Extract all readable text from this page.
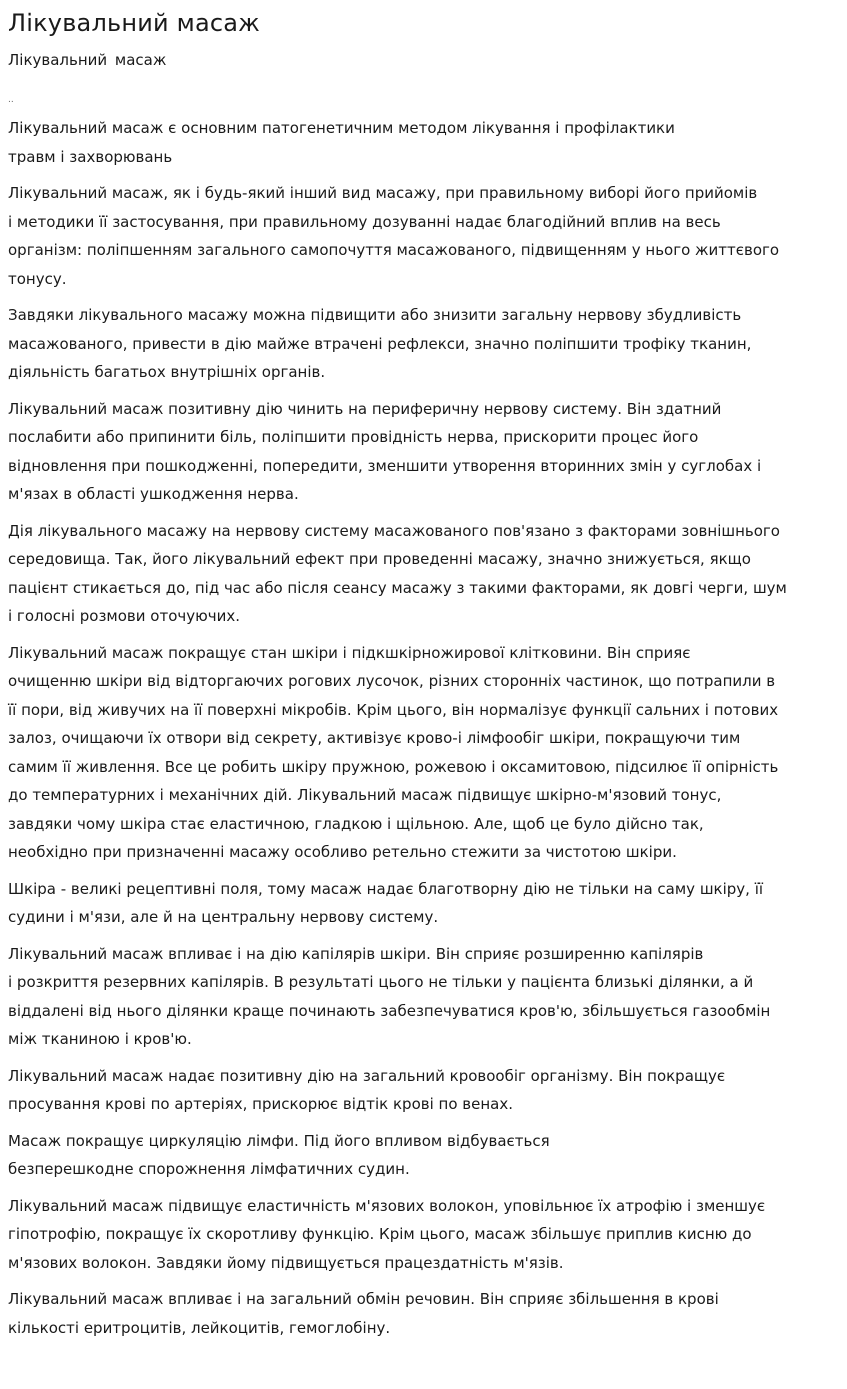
Лікувальний масаж
Лікувальний масаж
..

Лікувальний масаж є основним патогенетичним методом лікування і профілактики
травм і захворювань

Лікувальний масаж, як і будь-який інший вид масажу, при правильному виборі його прийомів
і методики її застосування, при правильному дозуванні надає благодійний вплив на весь
організм: поліпшенням загального самопочуття масажованого, підвищенням у нього життєвого
тонусу.

Завдяки лікувального масажу можна підвищити або знизити загальну нервову збудливість
масажованого, привести в дію майже втрачені рефлекси, значно поліпшити трофіку тканин,
діяльність багатьох внутрішніх органів.

Лікувальний масаж позитивну дію чинить на периферичну нервову систему. Він здатний
послабити або припинити біль, поліпшити провідність нерва, прискорити процес його
відновлення при пошкодженні, попередити, зменшити утворення вторинних змін у суглобах і
м'язах в області ушкодження нерва.

Дія лікувального масажу на нервову систему масажованого пов'язано з факторами зовнішнього
середовища. Так, його лікувальний ефект при проведенні масажу, значно знижується, якщо
пацієнт стикається до, під час або після сеансу масажу з такими факторами, як довгі черги, шум
і голосні розмови оточуючих.

Лікувальний масаж покращує стан шкіри і підкшкірножирової клітковини. Він сприяє
очищенню шкіри від відторгаючих рогових лусочок, різних сторонніх частинок, що потрапили в
її пори, від живучих на її поверхні мікробів. Крім цього, він нормалізує функції сальних і потових
залоз, очищаючи їх отвори від секрету, активізує крово-і лімфообіг шкіри, покращуючи тим
самим її живлення. Все це робить шкіру пружною, рожевою і оксамитовою, підсилює її опірність
до температурних і механічних дій. Лікувальний масаж підвищує шкірно-м'язовий тонус,
завдяки чому шкіра стає еластичною, гладкою і щільною. Але, щоб це було дійсно так,
необхідно при призначенні масажу особливо ретельно стежити за чистотою шкіри.

Шкіра - великі рецептивні поля, тому масаж надає благотворну дію не тільки на саму шкіру, її
судини і м'язи, але й на центральну нервову систему.

Лікувальний масаж впливає і на дію капілярів шкіри. Він сприяє розширенню капілярів
і розкриття резервних капілярів. В результаті цього не тільки у пацієнта близькі ділянки, а й
віддалені від нього ділянки краще починають забезпечуватися кров'ю, збільшується газообмін
між тканиною і кров'ю.

Лікувальний масаж надає позитивну дію на загальний кровообіг організму. Він покращує
просування крові по артеріях, прискорює відтік крові по венах.

Масаж покращує циркуляцію лімфи. Під його впливом відбувається
безперешкодне спорожнення лімфатичних судин.

Лікувальний масаж підвищує еластичність м'язових волокон, уповільнює їх атрофію і зменшує
гіпотрофію, покращує їх скоротливу функцію. Крім цього, масаж збільшує приплив кисню до
м'язових волокон. Завдяки йому підвищується працездатність м'язів.

Лікувальний масаж впливає і на загальний обмін речовин. Він сприяє збільшення в крові
кількості еритроцитів, лейкоцитів, гемоглобіну.
